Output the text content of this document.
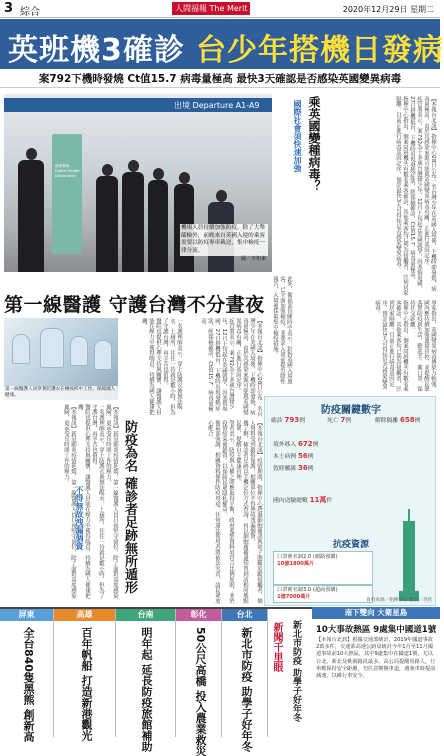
3 綜合	人間福報 The Merit Times	2020年12月29日 星期二
英班機3確診 台少年搭機日發病
案792下機時發燒 Ct值15.7 病毒量極高 最快3天確認是否感染英國變異病毒
出境 Departure A1-A9
健康聲明 Digital Health Declaration
機場人員持續加強防疫，除了大舉篩檢外，前晚來自英國入境的乘客需要以防疫專車載送，集中檢疫一律分流。
圖／李旭東
乘英國變種病毒？
國際社會須快速加強	【本報台北訊】指揮中心28日公布一名台灣少年在英國入境後，下機時即發燒，病毒量極高，由於其感染來源可能與英國變異病毒有關，正進行基因定序。

疾管署表示，案792為十多歲台灣籍少年，12月上旬起在英國就學，因寒假返國，27日搭機抵台，下機時出現發燒症狀，經採檢確診，Ct值15.7，病毒量極高。

指揮中心指出，個案同班機共有數名乘客確診，其他乘客均已列為接觸者，匡列居家隔離。目前正進行病毒基因定序，預計最快3天可得知是否感染變異病毒。

此外，衛福部長陳時中表示，針對英國入境旅客，已全面加強檢疫，並要求入境前提出陰性報告，入境後採取集中檢疫措施。	專家指出，英國變異病毒傳染力較強，國內應持續加強邊境管控，並提醒民眾落實防疫新生活，勤洗手、戴口罩、保持社交距離。

指揮中心指出，個案同班機共有數名乘客確診，其他乘客均已列為接觸者，匡列居家隔離。目前正進行病毒基因定序，預計最快3天可得知是否感染變異病毒。

第一線醫護 守護台灣不分晝夜
第一線醫護人員穿著防護衣在檢疫所中工作，保障國人健康。

【本報訊】新冠肺炎疫情延燒，第一線醫護人員日夜堅守崗位，除了面對高度感染風險，更承受長時間工作的壓力。

一名護理師表示，穿上防護衣後無法喝水、上廁所，往往一待就是數小時，但為了守護台灣，再辛苦也值得。

醫院也提供心理支持與關懷，讓醫護人員能在壓力中獲得喘息，持續為國人健康把關。

【本報訊】新冠肺炎疫情延燒，第一線醫護人員日夜堅守崗位，除了面對高度感染風險，更承受長時間工作的壓力。

一名護理師表示，穿上防護衣後無法喝水、上廁所，往往一待就是數小時，但為了守護台灣，再辛苦也值得。

醫院也提供心理支持與關懷，讓醫護人員能在壓力中獲得喘息，持續為國人健康把關。

防疫為名 確診者足跡無所遁形
不得無故洩漏個資	【本報台北訊】疫情期間，指揮中心透過細胞簡訊與電子圍籬追蹤接觸者，個人資料受到嚴格保護，相關單位不得無故洩漏個資。

據了解，確診者足跡以手機定位方式查詢，再以細胞廣播通知曾到訪相同地點民眾，提醒自主健康管理。

學者表示，防疫與人權之間應取得平衡，政府蒐集資料須符合比例原則，並於疫情結束後銷毀，以保障民眾隱私權益。

衛福部強調，相關資料僅作防疫用途，任何違法使用者將依法究責，請民眾放心配合。

【本報台北訊】指揮中心28日公布一名台灣少年在英國入境後，下機時即發燒，病毒量極高，由於其感染來源可能與英國變異病毒有關，正進行基因定序。

疾管署表示，案792為十多歲台灣籍少年，12月上旬起在英國就學，因寒假返國，27日搭機抵台，下機時出現發燒症狀，經採檢確診，Ct值15.7，病毒量極高。

防疫關鍵數字
確診 793例	死亡 7例	解除隔離 658例
境外移入 672例
本土病例 56例
敦睦艦隊 36例
國內送驗總數 11萬件
抗疫資源
口罩實名制2.0 (網路預購)
10億1800萬片
口罩實名制3.0 (超商預購)
1億7000萬片
資料來源／指揮中心 製表／李欣
屏東
全台840隻黑熊 創新高
高雄
百年帆船 打造新港觀光
台南
明年起 延長防疫旅館補助
彰化
50公尺高橋 投入農業救災
台北
新北市防疫 助學子好年冬 新聞千里眼 新北市防疫 助學子好年冬
南下雙向 大衛星島
10大事故熱區 9處集中國道1號
【本報台北訊】根據交通部統計，2019年國道事故2萬多件，交通部高速公路局統計今年1月至11月國道事故前10大熱區，其中9處集中在國道1號，尤以台北、新北及桃園路段最多。高公局提醒用路人，行車應保持安全距離，勿任意變換車道，遇塞車時提前減速，以維行車安全。
